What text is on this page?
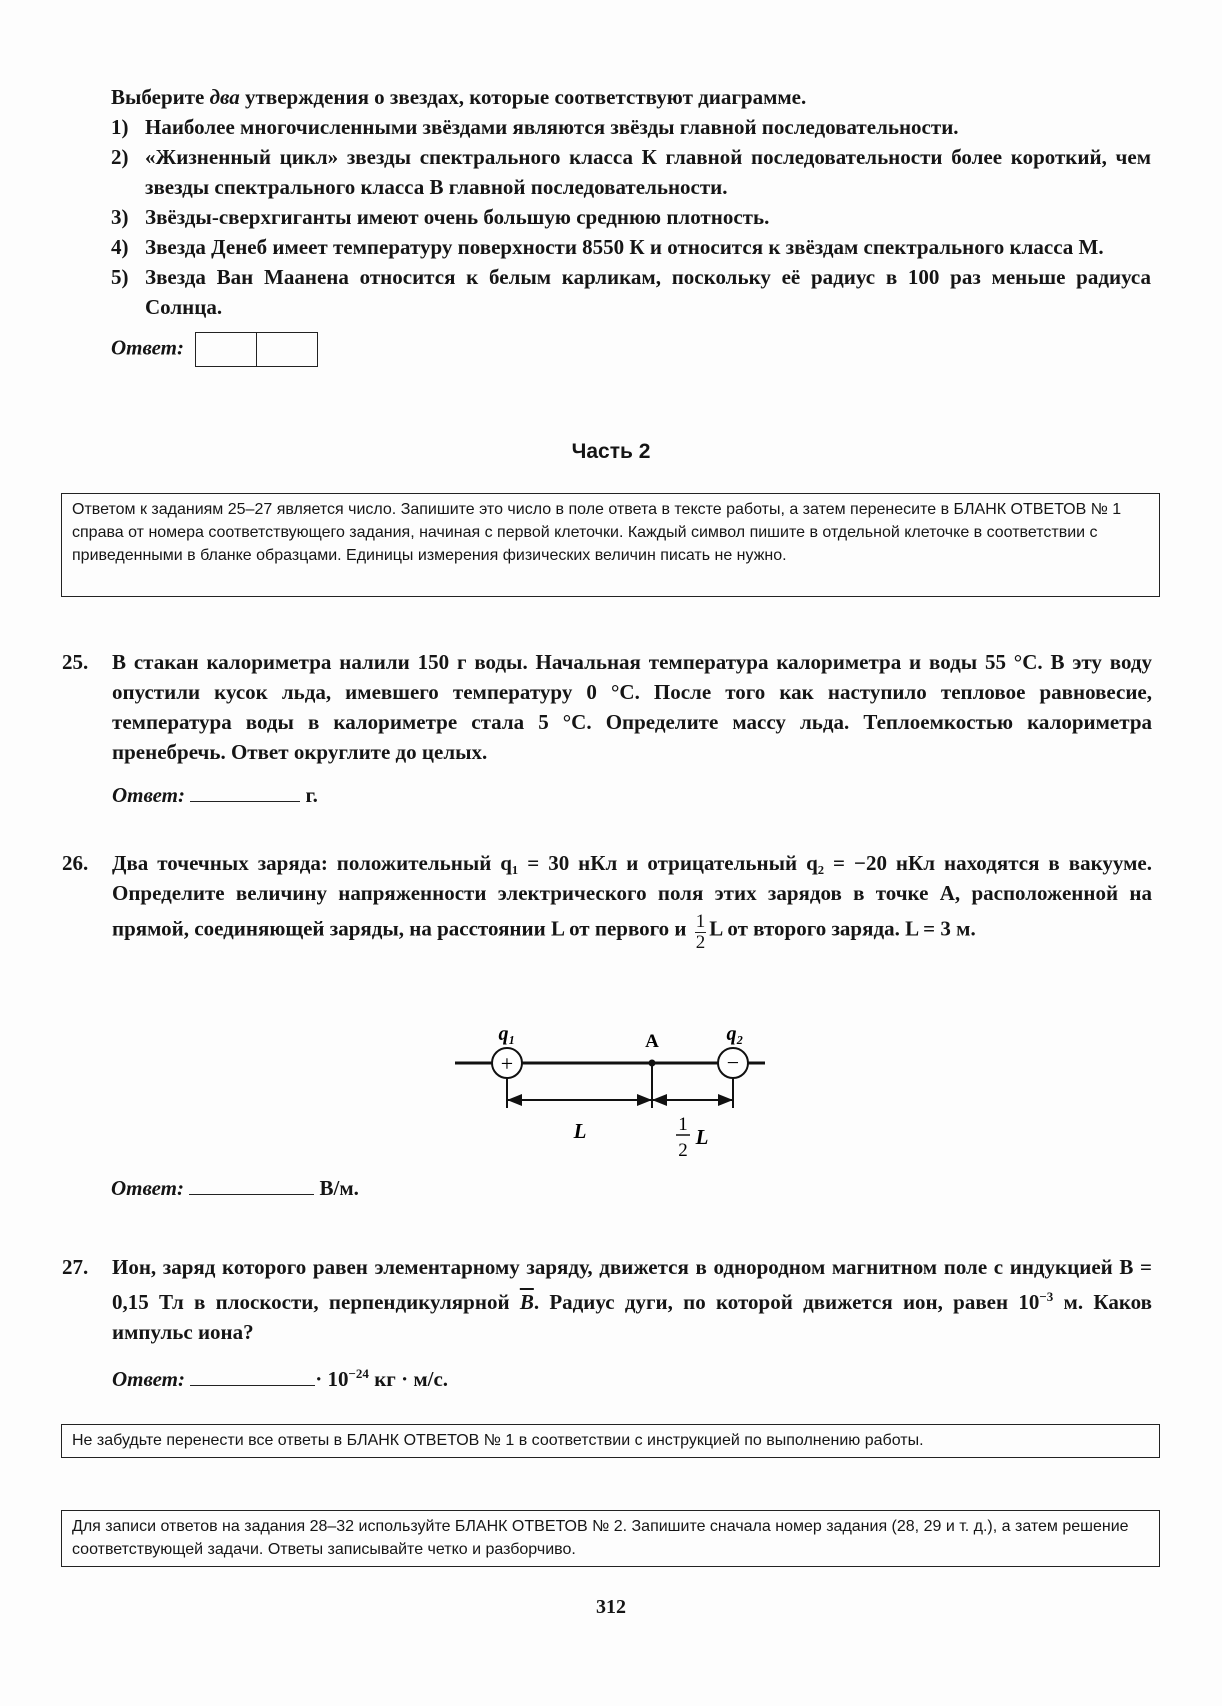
Выберите два утверждения о звездах, которые соответствуют диаграмме.

1) Наиболее многочисленными звёздами являются звёзды главной последовательности.
2) «Жизненный цикл» звезды спектрального класса К главной последовательности более короткий, чем звезды спектрального класса В главной последовательности.
3) Звёзды-сверхгиганты имеют очень большую среднюю плотность.
4) Звезда Денеб имеет температуру поверхности 8550 К и относится к звёздам спектрального класса М.
5) Звезда Ван Маанена относится к белым карликам, поскольку её радиус в 100 раз меньше радиуса Солнца.
Ответ:
Часть 2
Ответом к заданиям 25–27 является число. Запишите это число в поле ответа в тексте работы, а затем перенесите в БЛАНК ОТВЕТОВ № 1 справа от номера соответствующего задания, начиная с первой клеточки. Каждый символ пишите в отдельной клеточке в соответствии с приведенными в бланке образцами. Единицы измерения физических величин писать не нужно.
25.	В стакан калориметра налили 150 г воды. Начальная температура калориметра и воды 55 °С. В эту воду опустили кусок льда, имевшего температуру 0 °С. После того как наступило тепловое равновесие, температура воды в калориметре стала 5 °С. Определите массу льда. Теплоемкостью калориметра пренебречь. Ответ округлите до целых.

Ответ:	г.

26.	Два точечных заряда: положительный q₁ = 30 нКл и отрицательный q₂ = −20 нКл находятся в вакууме. Определите величину напряженности электрического поля этих зарядов в точке А, расположенной на прямой, соединяющей заряды, на расстоянии L от первого и $\frac{1}{2}$ L от второго заряда. L = 3 м.
+	−
q₁	A	q₂
L	1
2
L
Ответ:	В/м.
27.	Ион, заряд которого равен элементарному заряду, движется в однородном магнитном поле с индукцией B = 0,15 Тл в плоскости, перпендикулярной $\overline{B}$. Радиус дуги, по которой движется ион, равен $10^{-3}$ м. Каков импульс иона?

Ответ:	· $10^{-24}$ кг · м/с.

Не забудьте перенести все ответы в БЛАНК ОТВЕТОВ № 1 в соответствии с инструкцией по выполнению работы.
Для записи ответов на задания 28–32 используйте БЛАНК ОТВЕТОВ № 2. Запишите сначала номер задания (28, 29 и т. д.), а затем решение соответствующей задачи. Ответы записывайте четко и разборчиво.
312
